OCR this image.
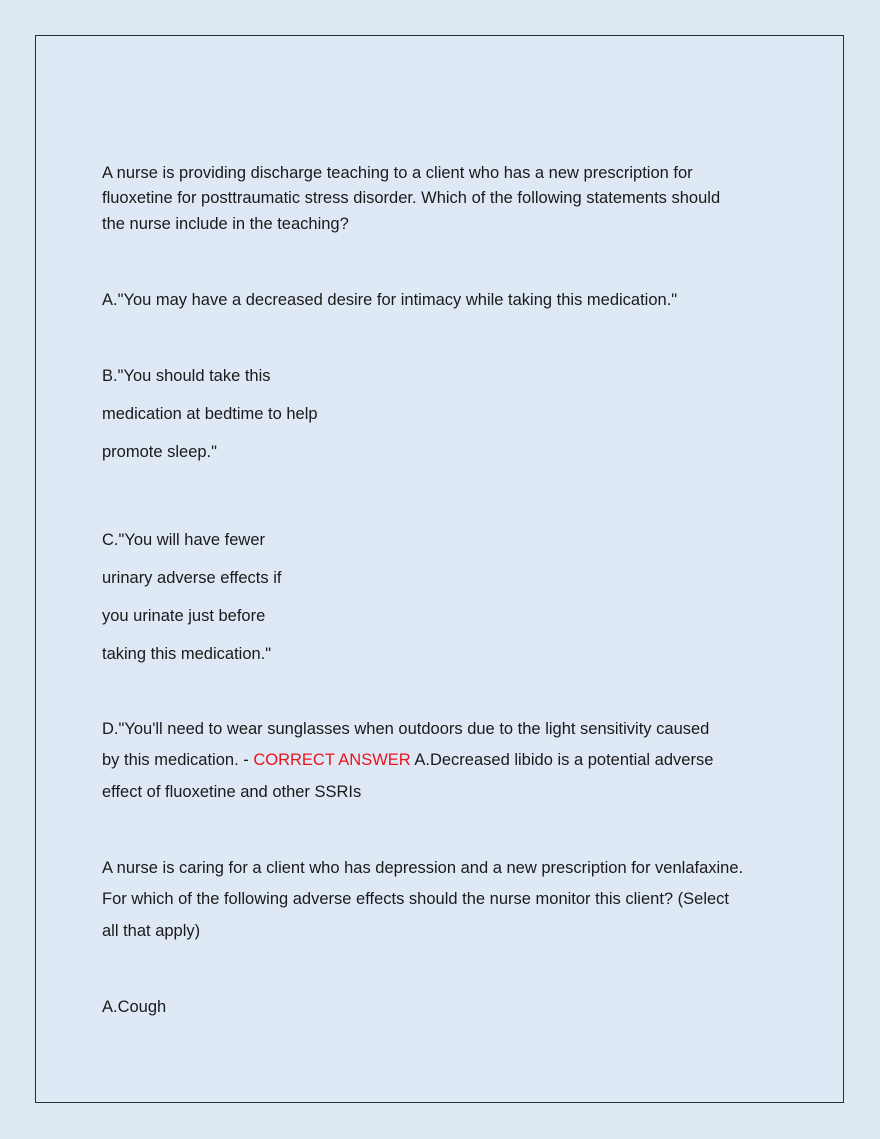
A nurse is providing discharge teaching to a client who has a new prescription for
fluoxetine for posttraumatic stress disorder. Which of the following statements should
the nurse include in the teaching?
A."You may have a decreased desire for intimacy while taking this medication."
B."You should take this
medication at bedtime to help
promote sleep."
C."You will have fewer
urinary adverse effects if
you urinate just before
taking this medication."
D."You'll need to wear sunglasses when outdoors due to the light sensitivity caused
by this medication. - CORRECT ANSWER A.Decreased libido is a potential adverse
effect of fluoxetine and other SSRIs
A nurse is caring for a client who has depression and a new prescription for venlafaxine.
For which of the following adverse effects should the nurse monitor this client? (Select
all that apply)
A.Cough
